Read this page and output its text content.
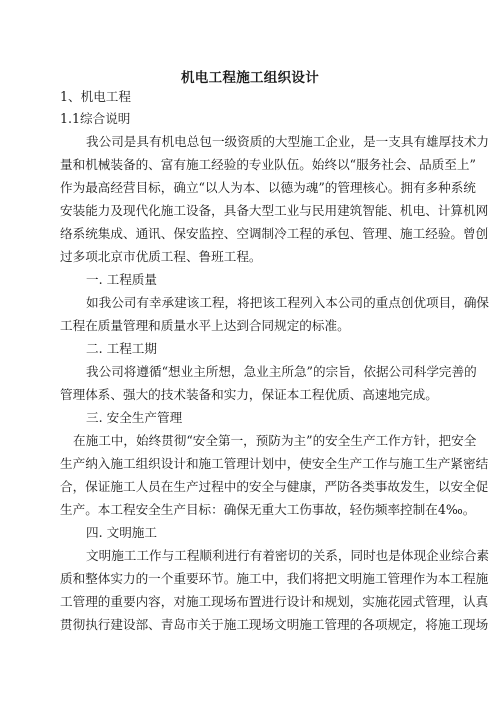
机电工程施工组织设计
1、机电工程
1.1综合说明
我公司是具有机电总包一级资质的大型施工企业，是一支具有雄厚技术力
量和机械装备的、富有施工经验的专业队伍。始终以“服务社会、品质至上”
作为最高经营目标，确立“以人为本、以德为魂”的管理核心。拥有多种系统
安装能力及现代化施工设备，具备大型工业与民用建筑智能、机电、计算机网
络系统集成、通讯、保安监控、空调制冷工程的承包、管理、施工经验。曾创
过多项北京市优质工程、鲁班工程。
一. 工程质量
如我公司有幸承建该工程，将把该工程列入本公司的重点创优项目，确保
工程在质量管理和质量水平上达到合同规定的标准。
二. 工程工期
我公司将遵循“想业主所想，急业主所急”的宗旨，依据公司科学完善的
管理体系、强大的技术装备和实力，保证本工程优质、高速地完成。
三. 安全生产管理
在施工中，始终贯彻“安全第一，预防为主”的安全生产工作方针，把安全
生产纳入施工组织设计和施工管理计划中，使安全生产工作与施工生产紧密结
合，保证施工人员在生产过程中的安全与健康，严防各类事故发生，以安全促
生产。本工程安全生产目标：确保无重大工伤事故，轻伤频率控制在4‰。
四. 文明施工
文明施工工作与工程顺利进行有着密切的关系，同时也是体现企业综合素
质和整体实力的一个重要环节。施工中，我们将把文明施工管理作为本工程施
工管理的重要内容，对施工现场布置进行设计和规划，实施花园式管理，认真
贯彻执行建设部、青岛市关于施工现场文明施工管理的各项规定，将施工现场
